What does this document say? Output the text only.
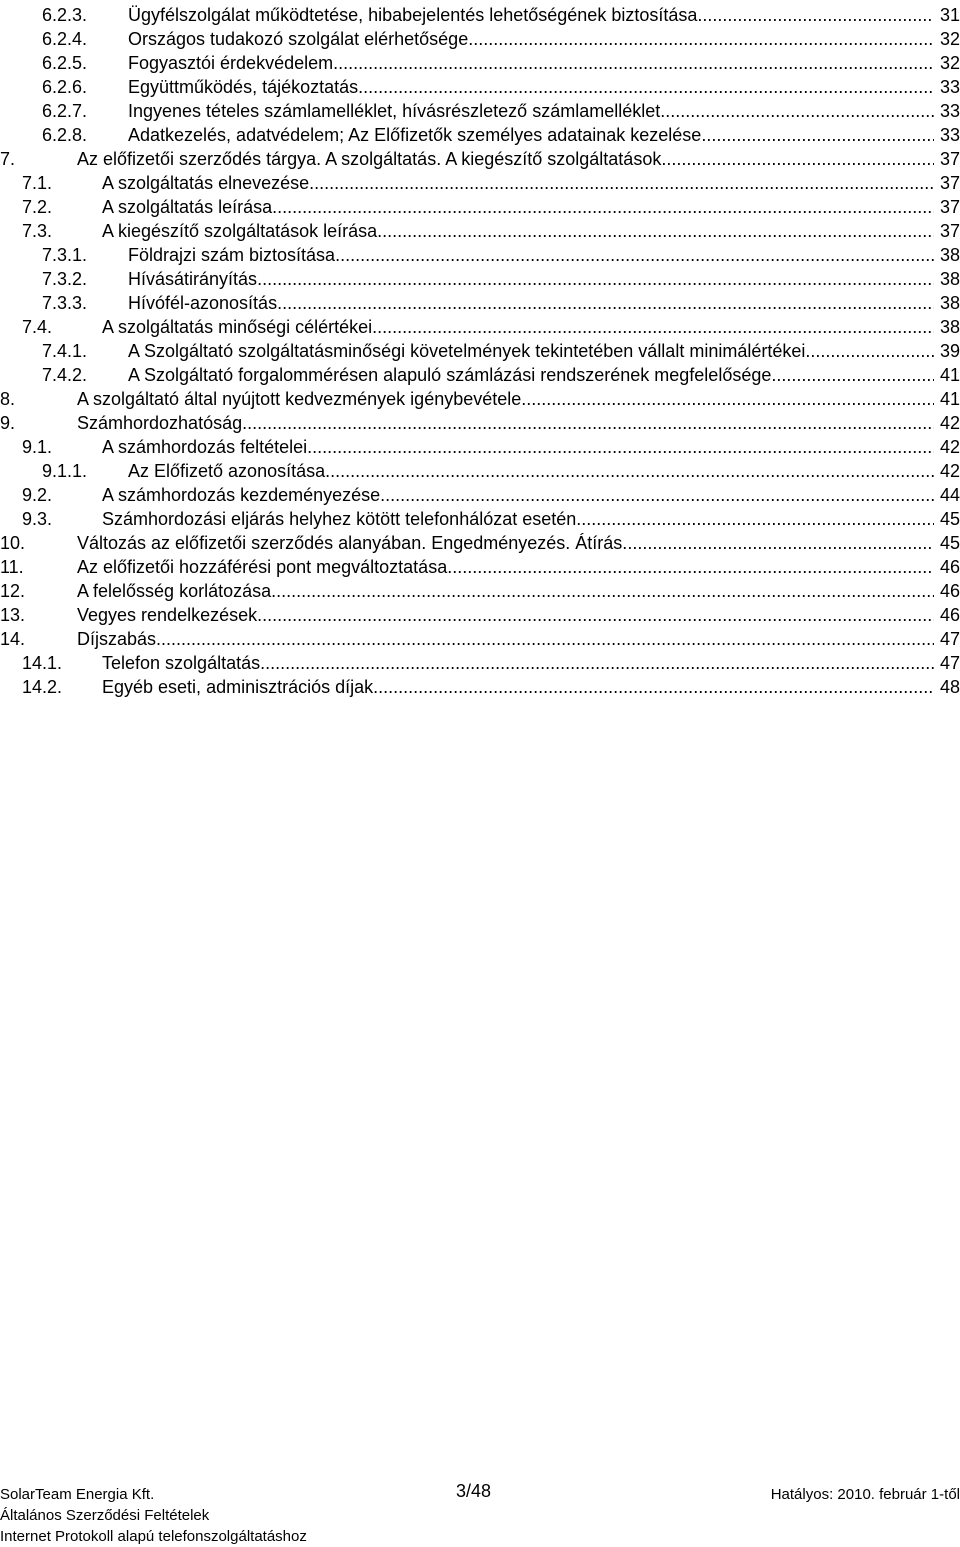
6.2.3.	Ügyfélszolgálat működtetése, hibabejelentés lehetőségének biztosítása .....	31
6.2.4.	Országos tudakozó szolgálat elérhetősége .....	32
6.2.5.	Fogyasztói érdekvédelem .....	32
6.2.6.	Együttműködés, tájékoztatás .....	33
6.2.7.	Ingyenes tételes számlamelléklet, hívásrészletező számlamelléklet .....	33
6.2.8.	Adatkezelés, adatvédelem; Az Előfizetők személyes adatainak kezelése .....	33
7.	Az előfizetői szerződés tárgya. A szolgáltatás. A kiegészítő szolgáltatások .....	37
7.1.	A szolgáltatás elnevezése .....	37
7.2.	A szolgáltatás leírása .....	37
7.3.	A kiegészítő szolgáltatások leírása .....	37
7.3.1.	Földrajzi szám biztosítása .....	38
7.3.2.	Hívásátirányítás .....	38
7.3.3.	Hívófél-azonosítás .....	38
7.4.	A szolgáltatás minőségi célértékei .....	38
7.4.1.	A Szolgáltató szolgáltatásminőségi követelmények tekintetében vállalt minimálértékei. .....	39
7.4.2.	A Szolgáltató forgalommérésen alapuló számlázási rendszerének megfelelősége .....	41
8.	A szolgáltató által nyújtott kedvezmények igénybevétele .....	41
9.	Számhordozhatóság .....	42
9.1.	A számhordozás feltételei .....	42
9.1.1.	Az Előfizető azonosítása .....	42
9.2.	A számhordozás kezdeményezése .....	44
9.3.	Számhordozási eljárás helyhez kötött telefonhálózat esetén .....	45
10.	Változás az előfizetői szerződés alanyában. Engedményezés. Átírás. .....	45
11.	Az előfizetői hozzáférési pont megváltoztatása .....	46
12.	A felelősség korlátozása .....	46
13.	Vegyes rendelkezések .....	46
14.	Díjszabás .....	47
14.1.	Telefon szolgáltatás .....	47
14.2.	Egyéb eseti, adminisztrációs díjak .....	48
SolarTeam Energia Kft.	3/48	Hatályos: 2010. február 1-től
Általános Szerződési Feltételek
Internet Protokoll alapú telefonszolgáltatáshoz
